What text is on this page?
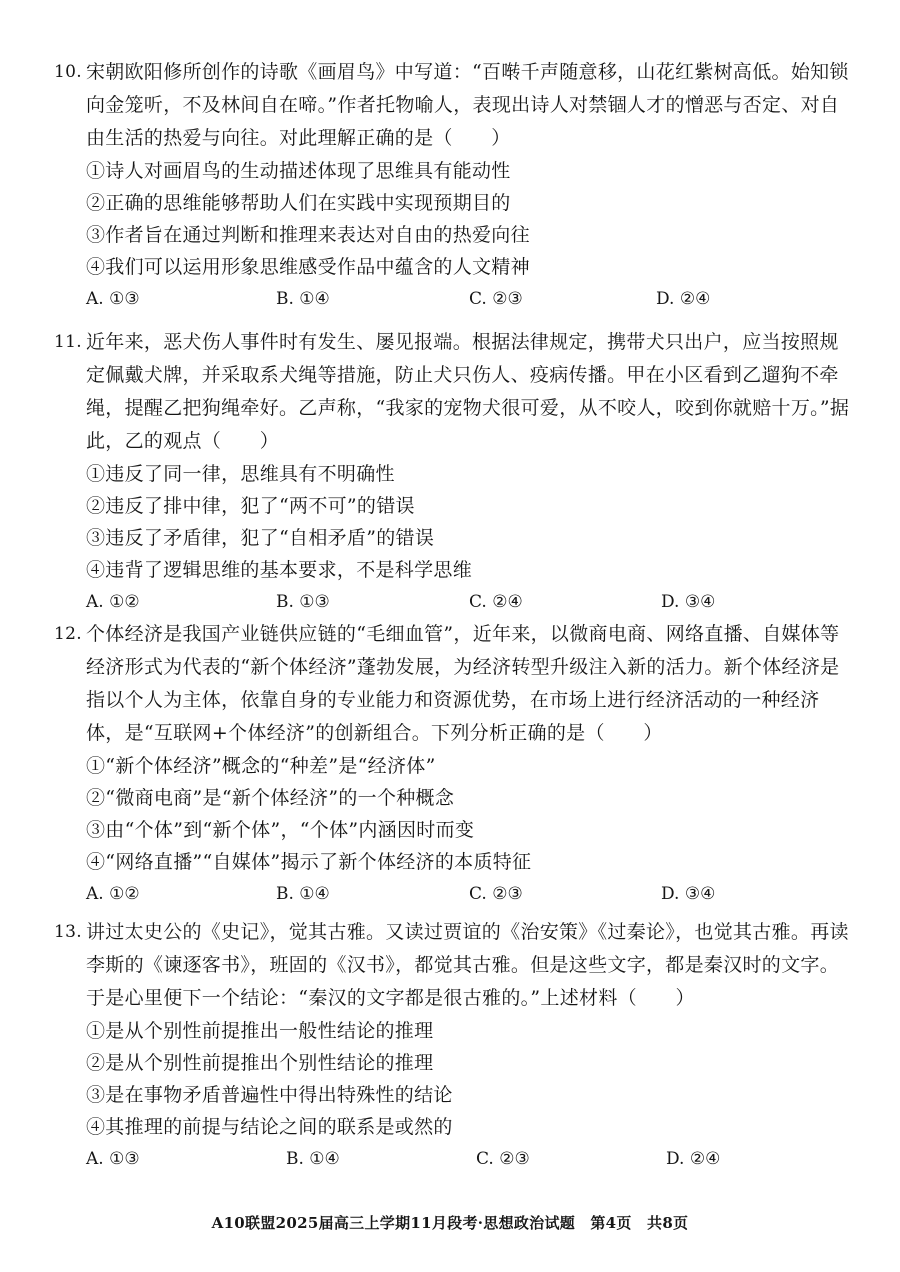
10. 宋朝欧阳修所创作的诗歌《画眉鸟》中写道：“百啭千声随意移，山花红紫树高低。始知锁向金笼听，不及林间自在啼。”作者托物喻人，表现出诗人对禁锢人才的憎恶与否定、对自由生活的热爱与向往。对此理解正确的是（　　）
①诗人对画眉鸟的生动描述体现了思维具有能动性
②正确的思维能够帮助人们在实践中实现预期目的
③作者旨在通过判断和推理来表达对自由的热爱向往
④我们可以运用形象思维感受作品中蕴含的人文精神
A. ①③	B. ①④	C. ②③	D. ②④
11. 近年来，恶犬伤人事件时有发生、屡见报端。根据法律规定，携带犬只出户，应当按照规定佩戴犬牌，并采取系犬绳等措施，防止犬只伤人、疫病传播。甲在小区看到乙遛狗不牵绳，提醒乙把狗绳牵好。乙声称，“我家的宠物犬很可爱，从不咬人，咬到你就赔十万。”据此，乙的观点（　　）
①违反了同一律，思维具有不明确性
②违反了排中律，犯了“两不可”的错误
③违反了矛盾律，犯了“自相矛盾”的错误
④违背了逻辑思维的基本要求，不是科学思维
A. ①②	B. ①③	C. ②④	D. ③④
12. 个体经济是我国产业链供应链的“毛细血管”，近年来，以微商电商、网络直播、自媒体等经济形式为代表的“新个体经济”蓬勃发展，为经济转型升级注入新的活力。新个体经济是指以个人为主体，依靠自身的专业能力和资源优势，在市场上进行经济活动的一种经济体，是“互联网+个体经济”的创新组合。下列分析正确的是（　　）
①“新个体经济”概念的“种差”是“经济体”
②“微商电商”是“新个体经济”的一个种概念
③由“个体”到“新个体”，“个体”内涵因时而变
④“网络直播”“自媒体”揭示了新个体经济的本质特征
A. ①②	B. ①④	C. ②③	D. ③④
13. 讲过太史公的《史记》，觉其古雅。又读过贾谊的《治安策》《过秦论》，也觉其古雅。再读李斯的《谏逐客书》，班固的《汉书》，都觉其古雅。但是这些文字，都是秦汉时的文字。于是心里便下一个结论：“秦汉的文字都是很古雅的。”上述材料（　　）
①是从个别性前提推出一般性结论的推理
②是从个别性前提推出个别性结论的推理
③是在事物矛盾普遍性中得出特殊性的结论
④其推理的前提与结论之间的联系是或然的
A. ①③	B. ①④	C. ②③	D. ②④
A10联盟2025届高三上学期11月段考·思想政治试题　第4页　共8页
